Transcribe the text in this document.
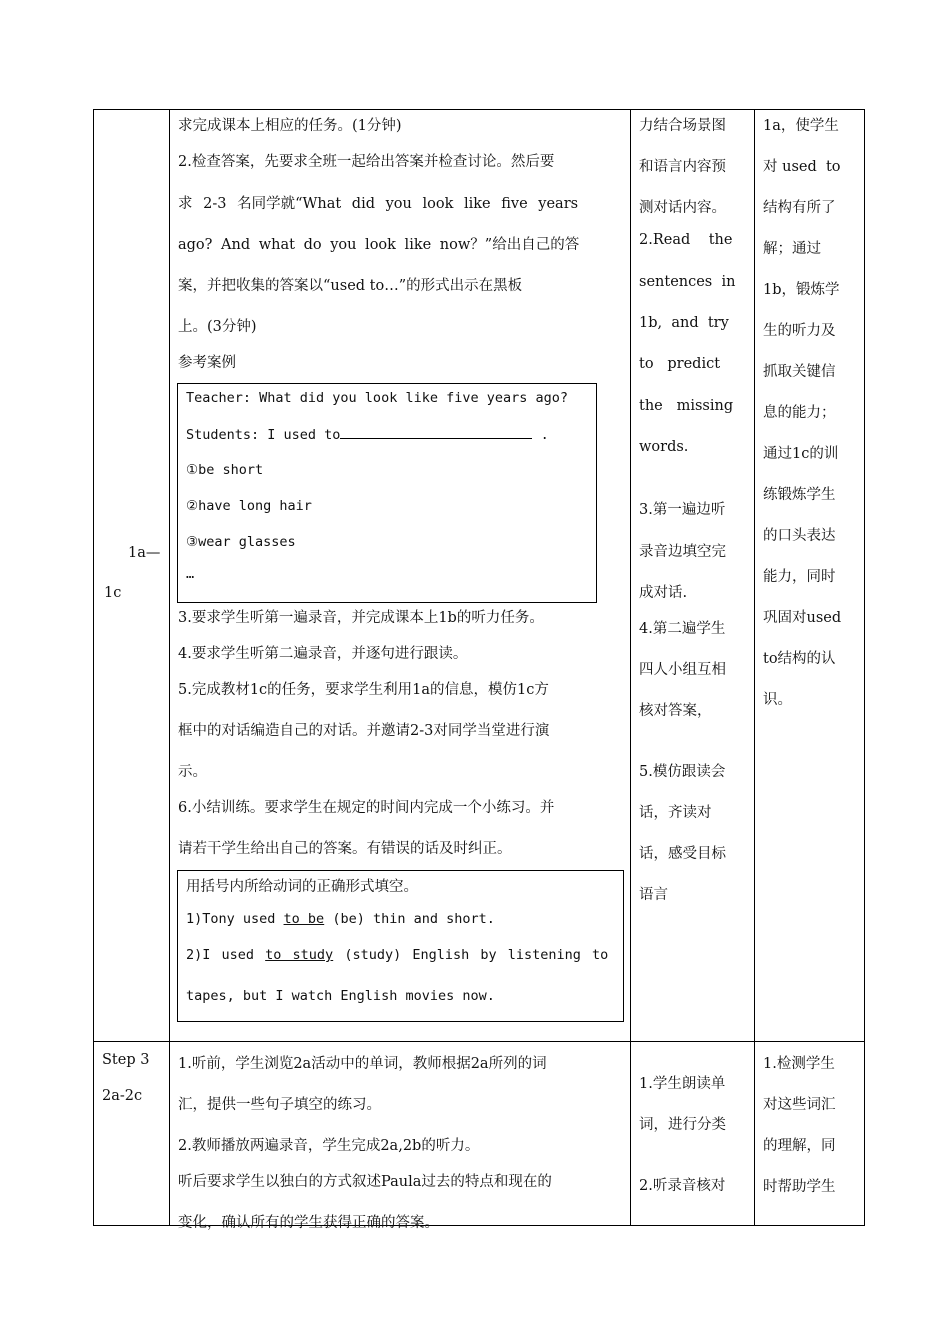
1a—
1c
求完成课本上相应的任务。(1分钟)
2.检查答案，先要求全班一起给出答案并检查讨论。然后要
求 2-3 名同学就“What did you look like five years
ago? And what do you look like now？”给出自己的答
案，并把收集的答案以“used to…”的形式出示在黑板
上。(3分钟)
参考案例
Teacher: What did you look like five years ago?
Students: I used to	.
①be short
②have long hair
③wear glasses
…
3.要求学生听第一遍录音，并完成课本上1b的听力任务。
4.要求学生听第二遍录音，并逐句进行跟读。
5.完成教材1c的任务，要求学生利用1a的信息，模仿1c方
框中的对话编造自己的对话。并邀请2-3对同学当堂进行演
示。
6.小结训练。要求学生在规定的时间内完成一个小练习。并
请若干学生给出自己的答案。有错误的话及时纠正。
用括号内所给动词的正确形式填空。
1)Tony used to be (be) thin and short.
2)I used to study (study) English by listening to
tapes, but I watch English movies now.
力结合场景图
和语言内容预
测对话内容。
2.Read    the
sentences  in
1b,  and  try
to   predict
the   missing
words.
3.第一遍边听
录音边填空完
成对话.
4.第二遍学生
四人小组互相
核对答案，
5.模仿跟读会
话，齐读对
话，感受目标
语言
1a，使学生
对 used  to
结构有所了
解；通过
1b，锻炼学
生的听力及
抓取关键信
息的能力；
通过1c的训
练锻炼学生
的口头表达
能力，同时
巩固对used
to结构的认
识。
Step 3
2a-2c
1.听前，学生浏览2a活动中的单词，教师根据2a所列的词
汇，提供一些句子填空的练习。
2.教师播放两遍录音，学生完成2a,2b的听力。
听后要求学生以独白的方式叙述Paula过去的特点和现在的
变化，确认所有的学生获得正确的答案。
1.学生朗读单
词，进行分类
2.听录音核对
1.检测学生
对这些词汇
的理解，同
时帮助学生
